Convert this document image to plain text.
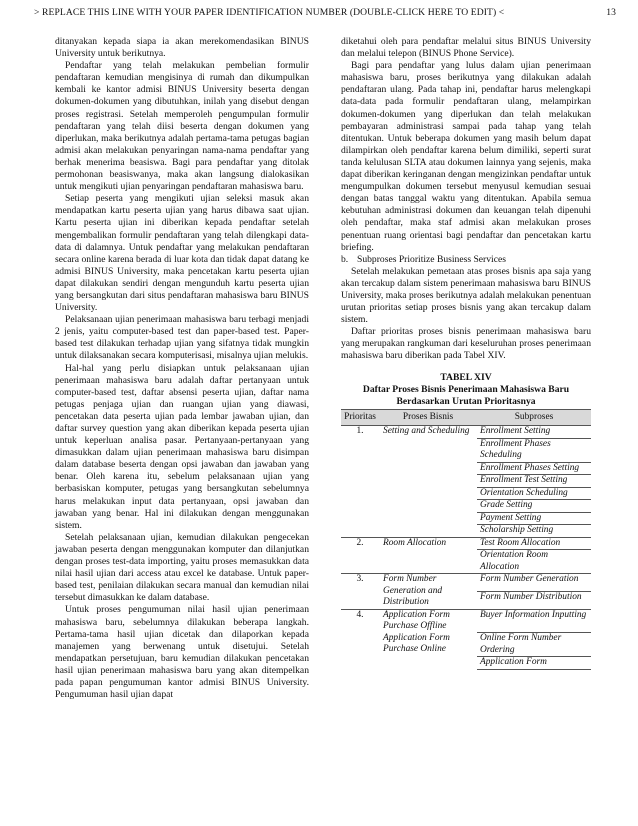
> REPLACE THIS LINE WITH YOUR PAPER IDENTIFICATION NUMBER (DOUBLE-CLICK HERE TO EDIT) <	13

ditanyakan kepada siapa ia akan merekomendasikan BINUS University untuk berikutnya.

Pendaftar yang telah melakukan pembelian formulir pendaftaran kemudian mengisinya di rumah dan dikumpulkan kembali ke kantor admisi BINUS University beserta dengan dokumen-dokumen yang dibutuhkan, inilah yang disebut dengan proses registrasi. Setelah memperoleh pengumpulan formulir pendaftaran yang telah diisi beserta dengan dokumen yang diperlukan, maka berikutnya adalah pertama-tama petugas bagian admisi akan melakukan penyaringan nama-nama pendaftar yang berhak menerima beasiswa. Bagi para pendaftar yang ditolak permohonan beasiswanya, maka akan langsung dialokasikan untuk mengikuti ujian penyaringan pendaftaran mahasiswa baru.

Setiap peserta yang mengikuti ujian seleksi masuk akan mendapatkan kartu peserta ujian yang harus dibawa saat ujian. Kartu peserta ujian ini diberikan kepada pendaftar setelah mengembalikan formulir pendaftaran yang telah dilengkapi data-data di dalamnya. Untuk pendaftar yang melakukan pendaftaran secara online karena berada di luar kota dan tidak dapat datang ke admisi BINUS University, maka pencetakan kartu peserta ujian dapat dilakukan sendiri dengan mengunduh kartu peserta ujian yang bersangkutan dari situs pendaftaran mahasiswa baru BINUS University.

Pelaksanaan ujian penerimaan mahasiswa baru terbagi menjadi 2 jenis, yaitu computer-based test dan paper-based test. Paper-based test dilakukan terhadap ujian yang sifatnya tidak mungkin untuk dilaksanakan secara komputerisasi, misalnya ujian melukis.

Hal-hal yang perlu disiapkan untuk pelaksanaan ujian penerimaan mahasiswa baru adalah daftar pertanyaan untuk computer-based test, daftar absensi peserta ujian, daftar nama petugas penjaga ujian dan ruangan ujian yang diawasi, pencetakan data peserta ujian pada lembar jawaban ujian, dan daftar survey question yang akan diberikan kepada peserta ujian untuk keperluan analisa pasar. Pertanyaan-pertanyaan yang dimasukkan dalam ujian penerimaan mahasiswa baru disimpan dalam database beserta dengan opsi jawaban dan jawaban yang benar. Oleh karena itu, sebelum pelaksanaan ujian yang berbasiskan komputer, petugas yang bersangkutan sebelumnya harus melakukan input data pertanyaan, opsi jawaban dan jawaban yang benar. Hal ini dilakukan dengan menggunakan sistem.

Setelah pelaksanaan ujian, kemudian dilakukan pengecekan jawaban peserta dengan menggunakan komputer dan dilanjutkan dengan proses test-data importing, yaitu proses memasukkan data nilai hasil ujian dari access atau excel ke database. Untuk paper-based test, penilaian dilakukan secara manual dan kemudian nilai tersebut dimasukkan ke dalam database.

Untuk proses pengumuman nilai hasil ujian penerimaan mahasiswa baru, sebelumnya dilakukan beberapa langkah. Pertama-tama hasil ujian dicetak dan dilaporkan kepada manajemen yang berwenang untuk disetujui. Setelah mendapatkan persetujuan, baru kemudian dilakukan pencetakan hasil ujian penerimaan mahasiswa baru yang akan ditempelkan pada papan pengumuman kantor admisi BINUS University. Pengumuman hasil ujian dapat

diketahui oleh para pendaftar melalui situs BINUS University dan melalui telepon (BINUS Phone Service).

Bagi para pendaftar yang lulus dalam ujian penerimaan mahasiswa baru, proses berikutnya yang dilakukan adalah pendaftaran ulang. Pada tahap ini, pendaftar harus melengkapi data-data pada formulir pendaftaran ulang, melampirkan dokumen-dokumen yang diperlukan dan telah melakukan pembayaran administrasi sampai pada tahap yang telah ditentukan. Untuk beberapa dokumen yang masih belum dapat dilampirkan oleh pendaftar karena belum dimiliki, seperti surat tanda kelulusan SLTA atau dokumen lainnya yang sejenis, maka dapat diberikan keringanan dengan mengizinkan pendaftar untuk mengumpulkan dokumen tersebut menyusul kemudian sesuai dengan batas tanggal waktu yang ditentukan. Apabila semua kebutuhan administrasi dokumen dan keuangan telah dipenuhi oleh pendaftar, maka staf admisi akan melakukan proses penentuan ruang orientasi bagi pendaftar dan pencetakan kartu briefing.

b. Subproses Prioritize Business Services

Setelah melakukan pemetaan atas proses bisnis apa saja yang akan tercakup dalam sistem penerimaan mahasiswa baru BINUS University, maka proses berikutnya adalah melakukan penentuan urutan prioritas setiap proses bisnis yang akan tercakup dalam sistem.

Daftar prioritas proses bisnis penerimaan mahasiswa baru yang merupakan rangkuman dari keseluruhan proses penerimaan mahasiswa baru diberikan pada Tabel XIV.

TABEL XIV
Daftar Proses Bisnis Penerimaan Mahasiswa Baru
Berdasarkan Urutan Prioritasnya
Prioritas	Proses Bisnis	Subproses
1.	Setting and Scheduling	Enrollment Setting
		Enrollment Phases Scheduling
		Enrollment Phases Setting
		Enrollment Test Setting
		Orientation Scheduling
		Grade Setting
		Payment Setting
		Scholarship Setting
2.	Room Allocation	Test Room Allocation
		Orientation Room Allocation
3.	Form Number Generation and Distribution	Form Number Generation
		Form Number Distribution
4.	Application Form Purchase Offline	Buyer Information Inputting
	Application Form Purchase Online	Online Form Number Ordering
		Application Form
